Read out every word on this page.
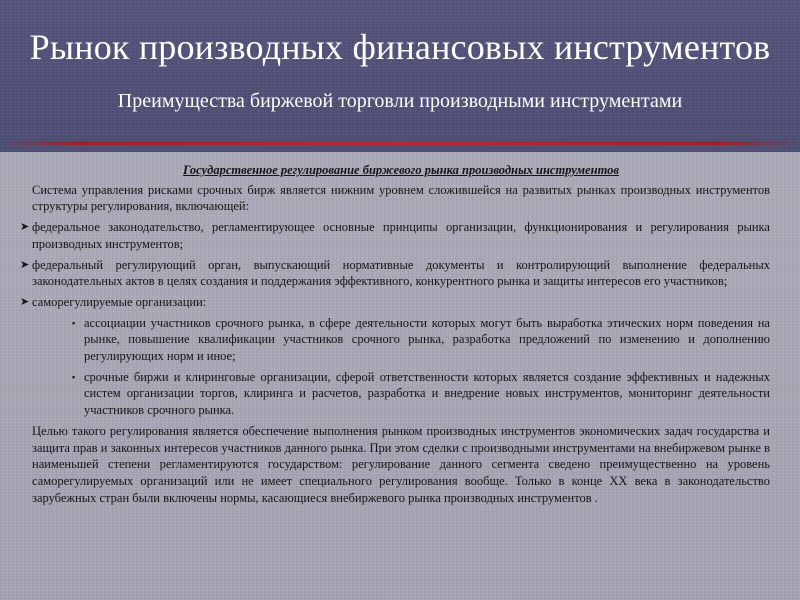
Рынок производных финансовых инструментов
Преимущества биржевой торговли производными инструментами
Государственное регулирование биржевого рынка производных инструментов

Система управления рисками срочных бирж является нижним уровнем сложившейся на развитых рынках производных инструментов структуры регулирования, включающей:

➤ федеральное законодательство, регламентирующее основные принципы организации, функционирования и регулирования рынка производных инструментов;
➤ федеральный регулирующий орган, выпускающий нормативные документы и контролирующий выполнение федеральных законодательных актов в целях создания и поддержания эффективного, конкурентного рынка и защиты интересов его участников;
➤ саморегулируемые организации:
▪ ассоциации участников срочного рынка, в сфере деятельности которых могут быть выработка этических норм поведения на рынке, повышение квалификации участников срочного рынка, разработка предложений по изменению и дополнению регулирующих норм и иное;
▪ срочные биржи и клиринговые организации, сферой ответственности которых является создание эффективных и надежных систем организации торгов, клиринга и расчетов, разработка и внедрение новых инструментов, мониторинг деятельности участников срочного рынка.

Целью такого регулирования является обеспечение выполнения рынком производных инструментов экономических задач государства и защита прав и законных интересов участников данного рынка. При этом сделки с производными инструментами на внебиржевом рынке в наименьшей степени регламентируются государством: регулирование данного сегмента сведено преимущественно на уровень саморегулируемых организаций или не имеет специального регулирования вообще. Только в конце XX века в законодательство зарубежных стран были включены нормы, касающиеся внебиржевого рынка производных инструментов .
